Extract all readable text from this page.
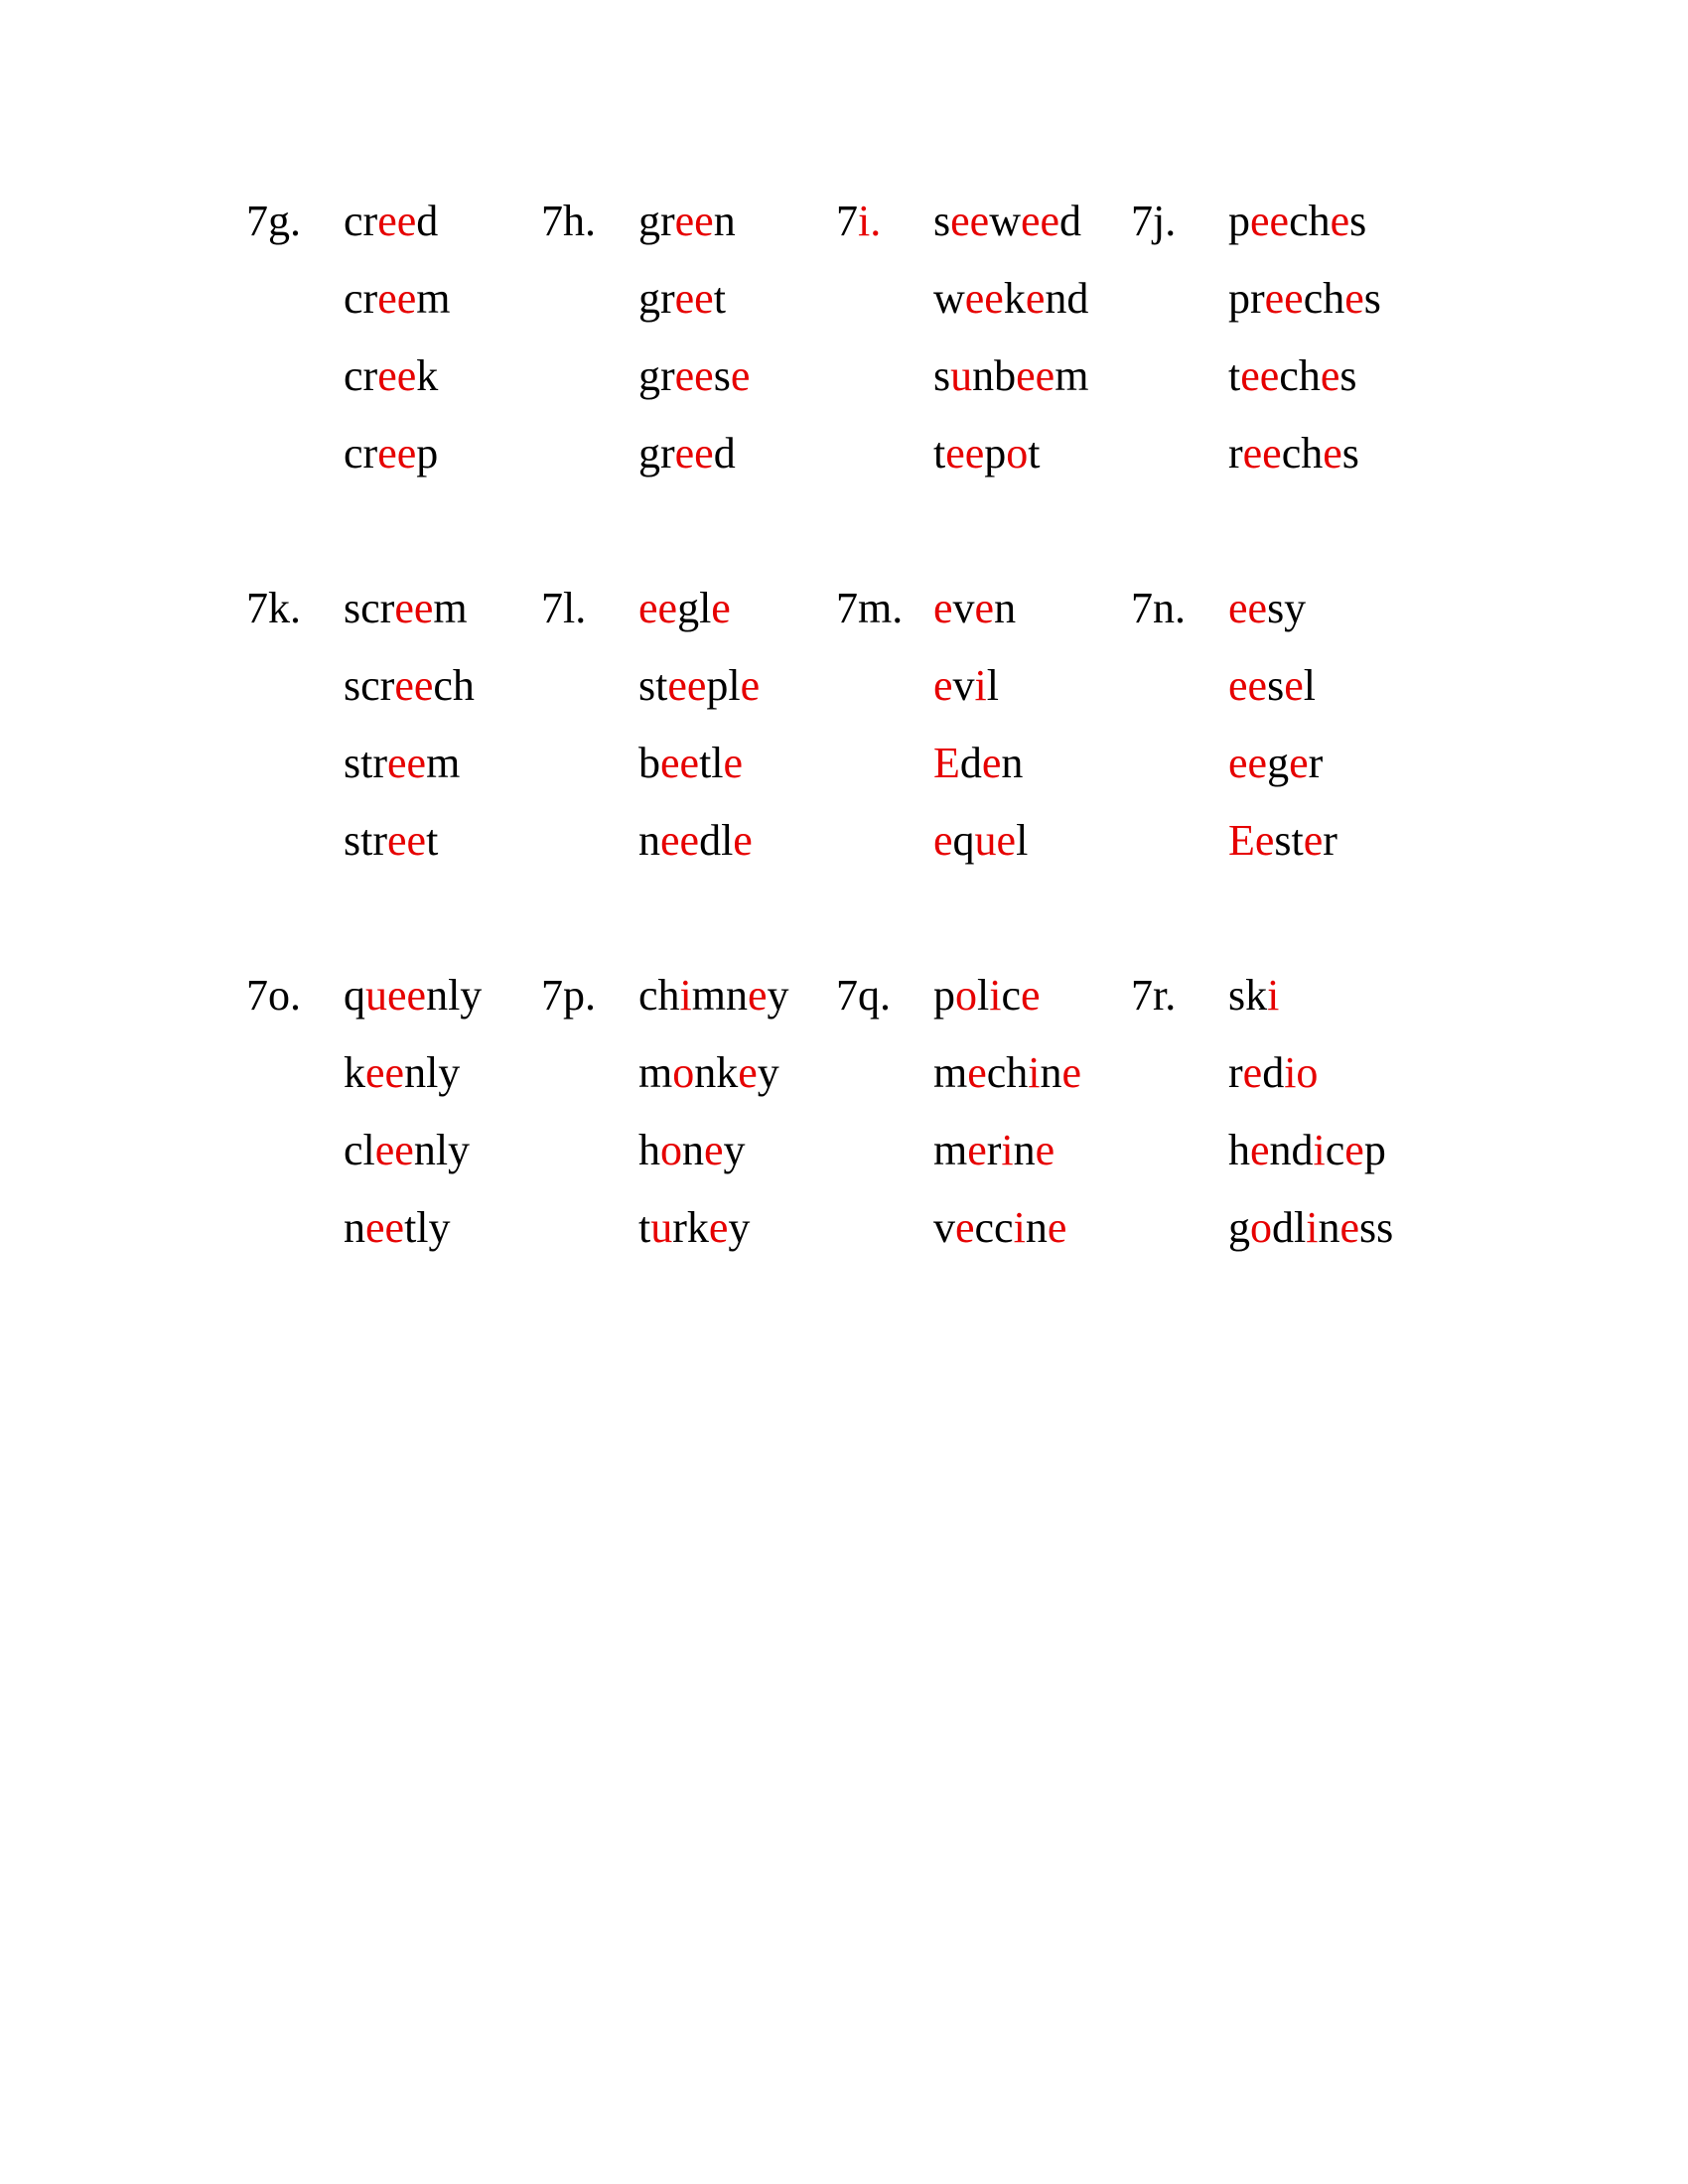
7g. creed
creem
creek
creep
7h. green
greet
greese
greed
7i. seeweed
weekend
sunbeem
teepot
7j. peeches
preeches
teeches
reeches
7k. screem
screech
streem
street
7l. eegle
steeple
beetle
needle
7m. even
evil
Eden
equel
7n. eesy
eesel
eeger
Eester
7o. queenly
keenly
cleenly
neetly
7p. chimney
monkey
honey
turkey
7q. police
mechine
merine
veccine
7r. ski
redio
hendicep
godliness
